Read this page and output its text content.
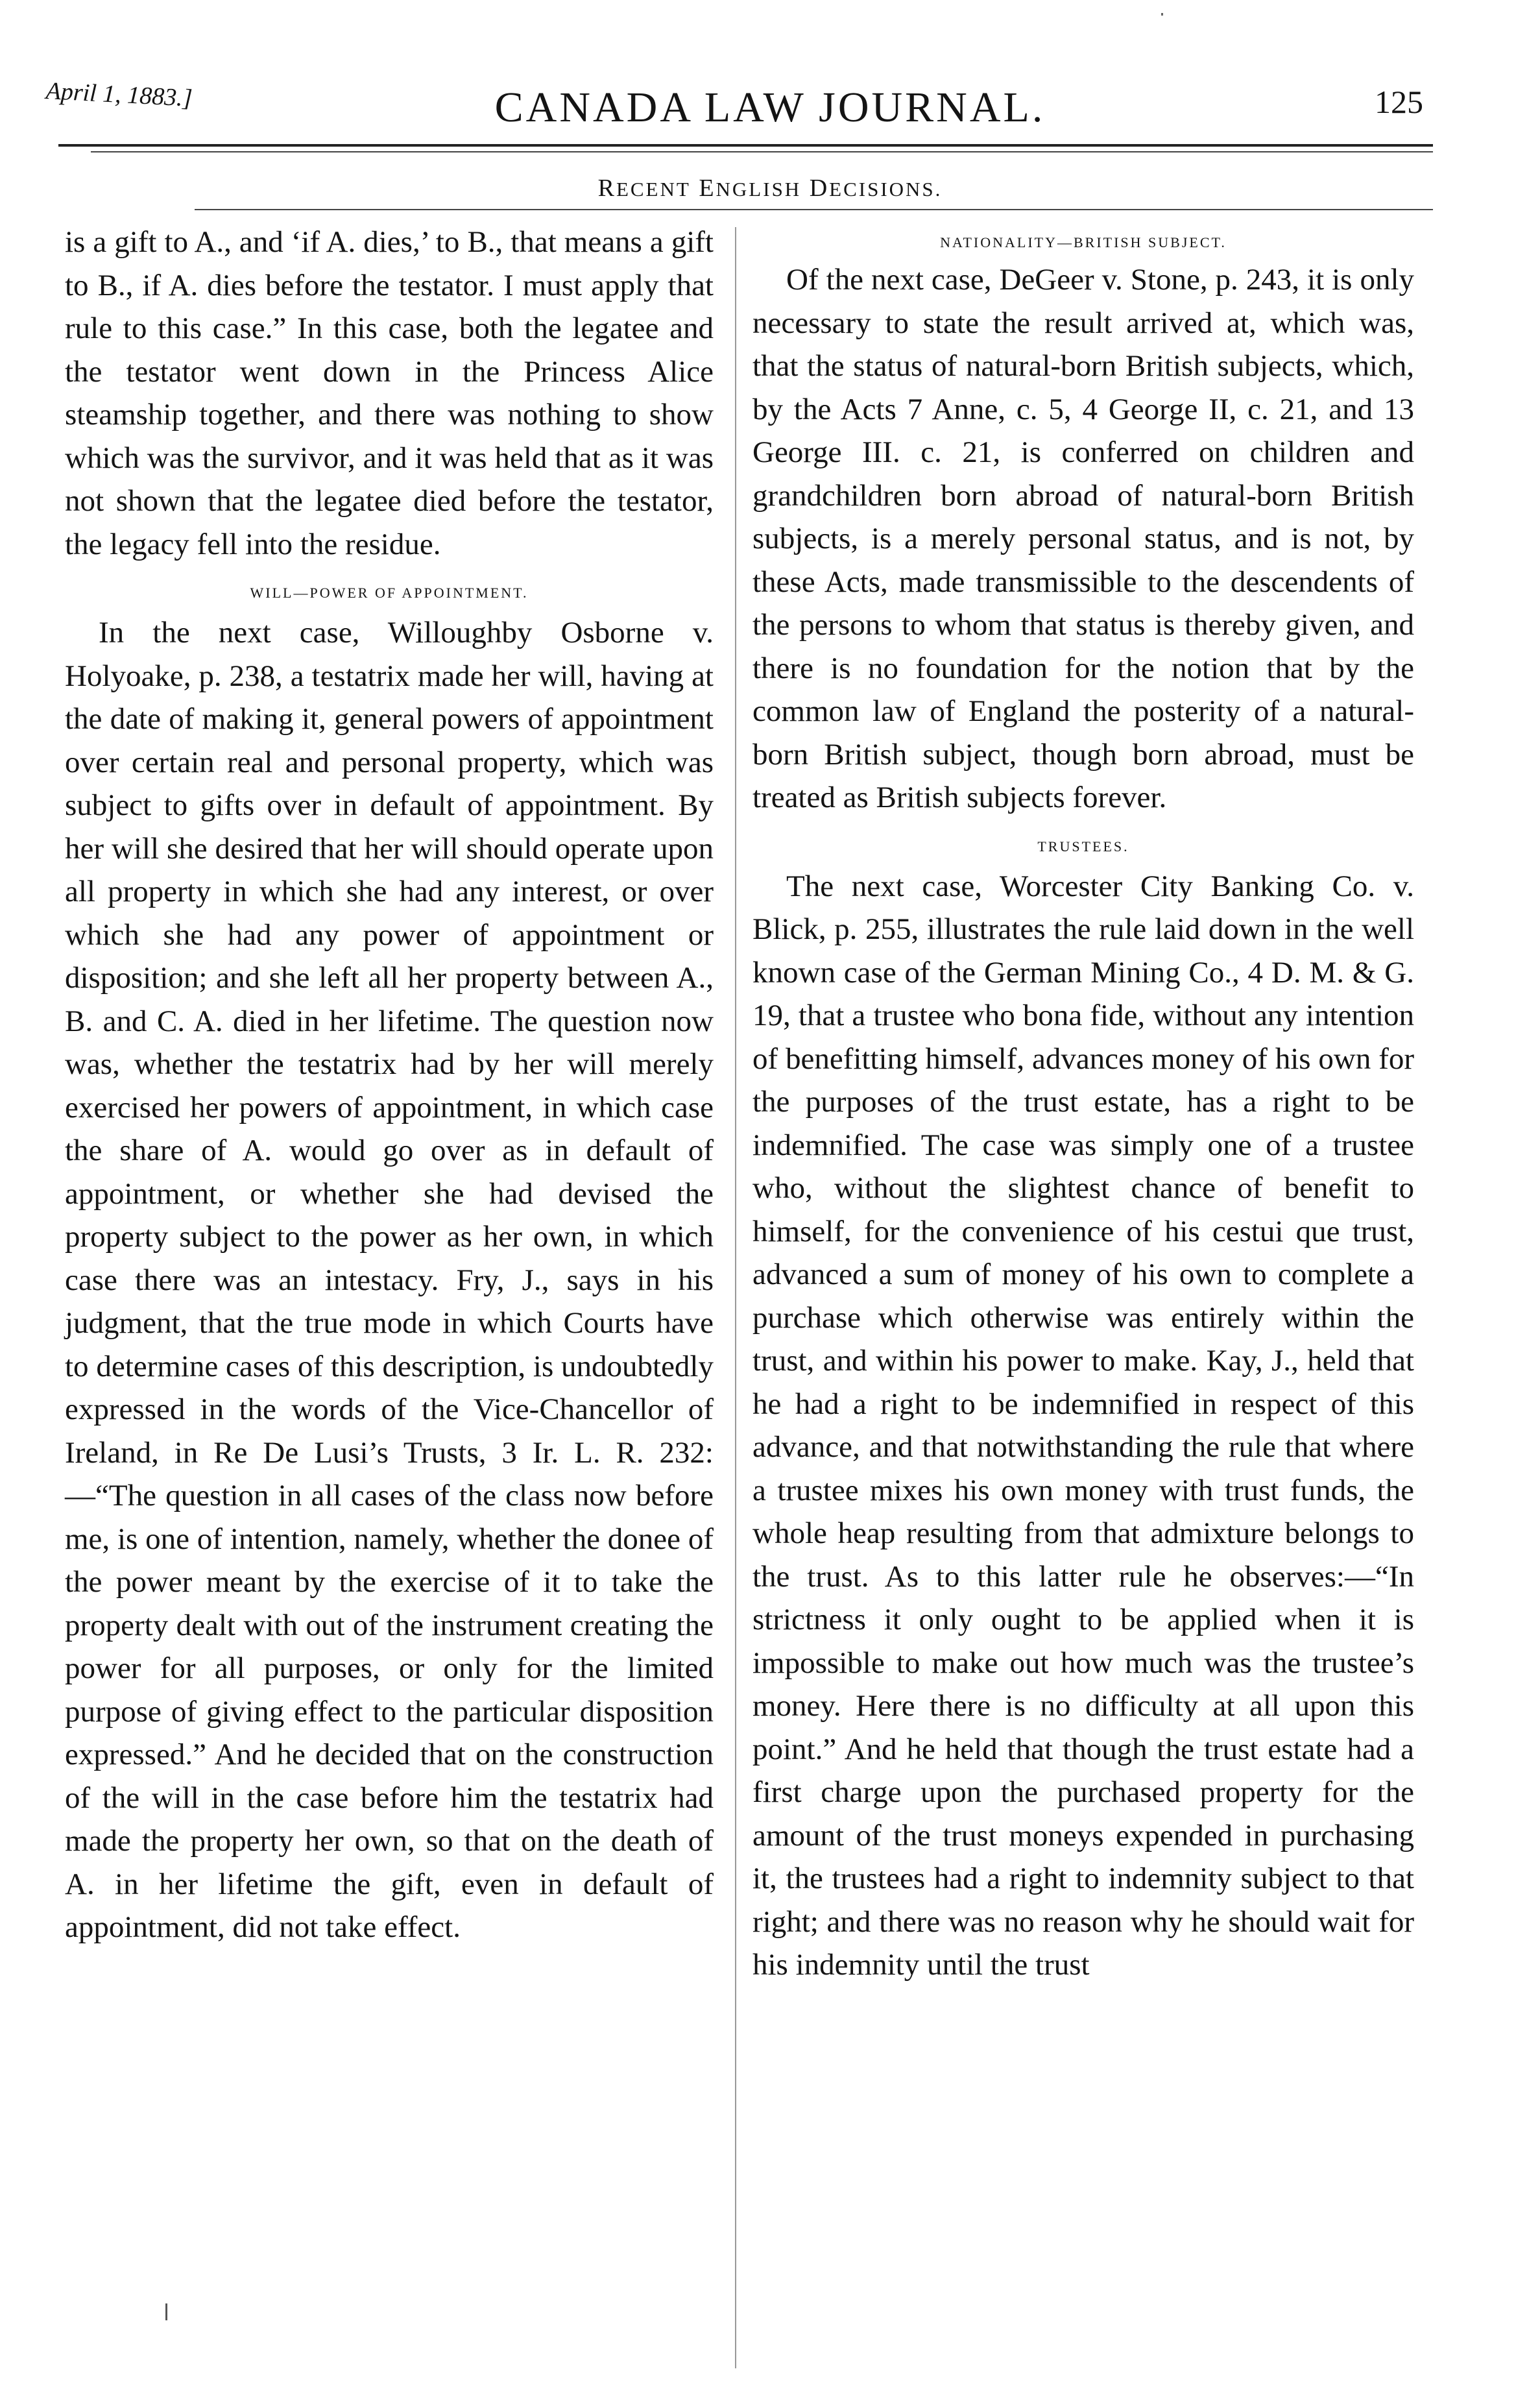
April 1, 1883.]	CANADA LAW JOURNAL.	125
RECENT ENGLISH DECISIONS.

is a gift to A., and ‘if A. dies,’ to B., that means a gift to B., if A. dies before the testator. I must apply that rule to this case.” In this case, both the legatee and the testator went down in the Princess Alice steamship together, and there was nothing to show which was the survivor, and it was held that as it was not shown that the legatee died before the testator, the legacy fell into the residue.

WILL—POWER OF APPOINTMENT.

In the next case, Willoughby Osborne v. Holyoake, p. 238, a testatrix made her will, having at the date of making it, general powers of appointment over certain real and personal property, which was subject to gifts over in default of appointment. By her will she desired that her will should operate upon all property in which she had any interest, or over which she had any power of appointment or disposition; and she left all her property between A., B. and C. A. died in her lifetime. The question now was, whether the testatrix had by her will merely exercised her powers of appointment, in which case the share of A. would go over as in default of appointment, or whether she had devised the property subject to the power as her own, in which case there was an intestacy. Fry, J., says in his judgment, that the true mode in which Courts have to determine cases of this description, is undoubtedly expressed in the words of the Vice-Chancellor of Ireland, in Re De Lusi’s Trusts, 3 Ir. L. R. 232:—“The question in all cases of the class now before me, is one of intention, namely, whether the donee of the power meant by the exercise of it to take the property dealt with out of the instrument creating the power for all purposes, or only for the limited purpose of giving effect to the particular disposition expressed.” And he decided that on the construction of the will in the case before him the testatrix had made the property her own, so that on the death of A. in her lifetime the gift, even in default of appointment, did not take effect.

NATIONALITY—BRITISH SUBJECT.

Of the next case, DeGeer v. Stone, p. 243, it is only necessary to state the result arrived at, which was, that the status of natural-born British subjects, which, by the Acts 7 Anne, c. 5, 4 George II, c. 21, and 13 George III. c. 21, is conferred on children and grandchildren born abroad of natural-born British subjects, is a merely personal status, and is not, by these Acts, made transmissible to the descendents of the persons to whom that status is thereby given, and there is no foundation for the notion that by the common law of England the posterity of a natural-born British subject, though born abroad, must be treated as British subjects forever.

TRUSTEES.

The next case, Worcester City Banking Co. v. Blick, p. 255, illustrates the rule laid down in the well known case of the German Mining Co., 4 D. M. & G. 19, that a trustee who bona fide, without any intention of benefitting himself, advances money of his own for the purposes of the trust estate, has a right to be indemnified. The case was simply one of a trustee who, without the slightest chance of benefit to himself, for the convenience of his cestui que trust, advanced a sum of money of his own to complete a purchase which otherwise was entirely within the trust, and within his power to make. Kay, J., held that he had a right to be indemnified in respect of this advance, and that notwithstanding the rule that where a trustee mixes his own money with trust funds, the whole heap resulting from that admixture belongs to the trust. As to this latter rule he observes:—“In strictness it only ought to be applied when it is impossible to make out how much was the trustee’s money. Here there is no difficulty at all upon this point.” And he held that though the trust estate had a first charge upon the purchased property for the amount of the trust moneys expended in purchasing it, the trustees had a right to indemnity subject to that right; and there was no reason why he should wait for his indemnity until the trust
